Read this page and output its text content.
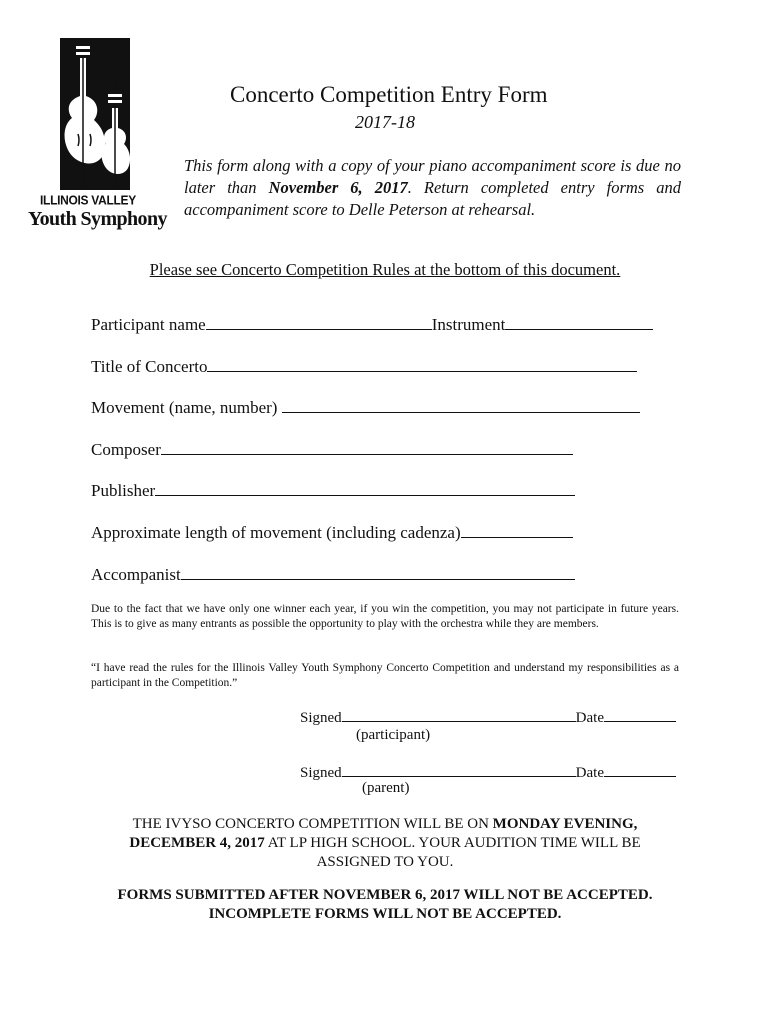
ILLINOIS VALLEY
Youth Symphony
Concerto Competition Entry Form
2017-18
This form along with a copy of your piano accompaniment score is due no later than November 6, 2017. Return completed entry forms and accompaniment score to Delle Peterson at rehearsal.
Please see Concerto Competition Rules at the bottom of this document.
Participant name	Instrument
Title of Concerto
Movement (name, number)
Composer
Publisher
Approximate length of movement (including cadenza)
Accompanist
Due to the fact that we have only one winner each year, if you win the competition, you may not participate in future years. This is to give as many entrants as possible the opportunity to play with the orchestra while they are members.
“I have read the rules for the Illinois Valley Youth Symphony Concerto Competition and understand my responsibilities as a participant in the Competition.”
Signed	Date
(participant)
Signed	Date
(parent)
THE IVYSO CONCERTO COMPETITION WILL BE ON MONDAY EVENING,
DECEMBER 4, 2017 AT LP HIGH SCHOOL. YOUR AUDITION TIME WILL BE
ASSIGNED TO YOU.
FORMS SUBMITTED AFTER NOVEMBER 6, 2017 WILL NOT BE ACCEPTED.
INCOMPLETE FORMS WILL NOT BE ACCEPTED.
